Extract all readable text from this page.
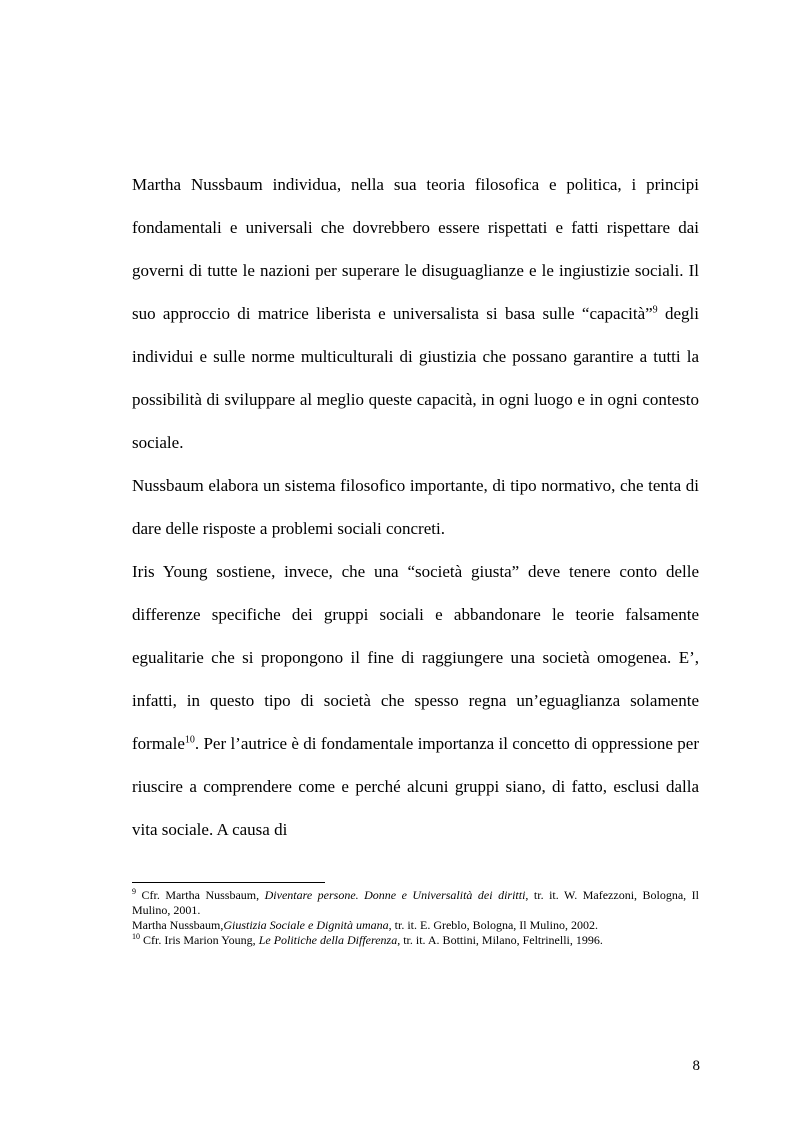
Martha Nussbaum individua, nella sua teoria filosofica e politica, i principi fondamentali e universali che dovrebbero essere rispettati e fatti rispettare dai governi di tutte le nazioni per superare le disuguaglianze e le ingiustizie sociali. Il suo approccio di matrice liberista e universalista si basa sulle “capacità”$^9$ degli individui e sulle norme multiculturali di giustizia che possano garantire a tutti la possibilità di sviluppare al meglio queste capacità, in ogni luogo e in ogni contesto sociale.

Nussbaum elabora un sistema filosofico importante, di tipo normativo, che tenta di dare delle risposte a problemi sociali concreti.

Iris Young sostiene, invece, che una “società giusta” deve tenere conto delle differenze specifiche dei gruppi sociali e abbandonare le teorie falsamente egualitarie che si propongono il fine di raggiungere una società omogenea. E’, infatti, in questo tipo di società che spesso regna un’eguaglianza solamente formale$^{10}$. Per l’autrice è di fondamentale importanza il concetto di oppressione per riuscire a comprendere come e perché alcuni gruppi siano, di fatto, esclusi dalla vita sociale. A causa di

$^9$ Cfr. Martha Nussbaum, Diventare persone. Donne e Universalità dei diritti, tr. it. W. Mafezzoni, Bologna, Il Mulino, 2001.

Martha Nussbaum,Giustizia Sociale e Dignità umana, tr. it. E. Greblo, Bologna, Il Mulino, 2002.

$^{10}$ Cfr. Iris Marion Young, Le Politiche della Differenza, tr. it. A. Bottini, Milano, Feltrinelli, 1996.

8
